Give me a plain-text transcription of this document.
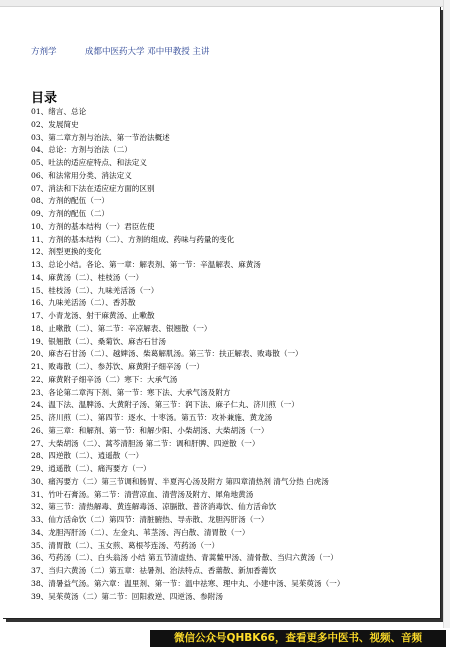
方剂学	成都中医药大学 邓中甲教授 主讲
目录
01、绪言、总论
02、发展简史
03、第二章方剂与治法、第一节治法概述
04、总论：方剂与治法（二）
05、吐法的适应症特点、和法定义
06、和法常用分类、消法定义
07、消法和下法在适应症方面的区别
08、方剂的配伍（一）
09、方剂的配伍（二）
10、方剂的基本结构（一）君臣佐使
11、方剂的基本结构（二）、方剂的组成、药味与药量的变化
12、剂型更换的变化
13、总论小结。各论、第一章：解表剂、第一节：辛温解表、麻黄汤
14、麻黄汤（二）、桂枝汤（一）
15、桂枝汤（二）、九味羌活汤（一）
16、九味羌活汤（二）、香苏散
17、小青龙汤、射干麻黄汤、止嗽散
18、止嗽散（二）、第二节：辛凉解表、银翘散（一）
19、银翘散（二）、桑菊饮、麻杏石甘汤
20、麻杏石甘汤（二）、越婢汤、柴葛解肌汤。第三节：扶正解表、败毒散（一）
21、败毒散（二）、参苏饮、麻黄附子细辛汤（一）
22、麻黄附子细辛汤（二）寒下：大承气汤
23、各论第二章泻下剂、第一节：寒下法、大承气汤及附方
24、温下法、温脾汤、大黄附子汤、第三节：润下法、麻子仁丸、济川煎（一）
25、济川煎（二）、第四节：逐水、十枣汤。第五节：攻补兼施、黄龙汤
26、第三章：和解剂、第一节：和解少阳、小柴胡汤、大柴胡汤（一）
27、大柴胡汤（二）、蒿芩清胆汤 第二节：调和肝脾、四逆散（一）
28、四逆散（二）、逍遥散（一）
29、逍遥散（二）、痛泻要方（一）
30、痛泻要方（二）第三节调和肠胃、半夏泻心汤及附方 第四章清热剂 清气分热 白虎汤
31、竹叶石膏汤。第二节：清营凉血、清营汤及附方、犀角地黄汤
32、第三节：清热解毒、黄连解毒汤、凉膈散、普济消毒饮、仙方活命饮
33、仙方活命饮（二）第四节：清脏腑热、导赤散、龙胆泻肝汤（一）
34、龙胆泻肝汤（二）、左金丸、苇茎汤、泻白散、清胃散（一）
35、清胃散（二）、玉女煎、葛根芩连汤、芍药汤（一）
36、芍药汤（二）、白头翁汤 小结 第五节清虚热、青蒿鳖甲汤、清骨散、当归六黄汤（一）
37、当归六黄汤（二）第五章：祛暑剂、治法特点、香薷散、新加香薷饮
38、清暑益气汤。第六章：温里剂、第一节：温中祛寒、理中丸、小建中汤、吴茱萸汤（一）
39、吴茱萸汤（二）第二节：回阳救逆、四逆汤、参附汤
微信公众号QHBK66，查看更多中医书、视频、音频
